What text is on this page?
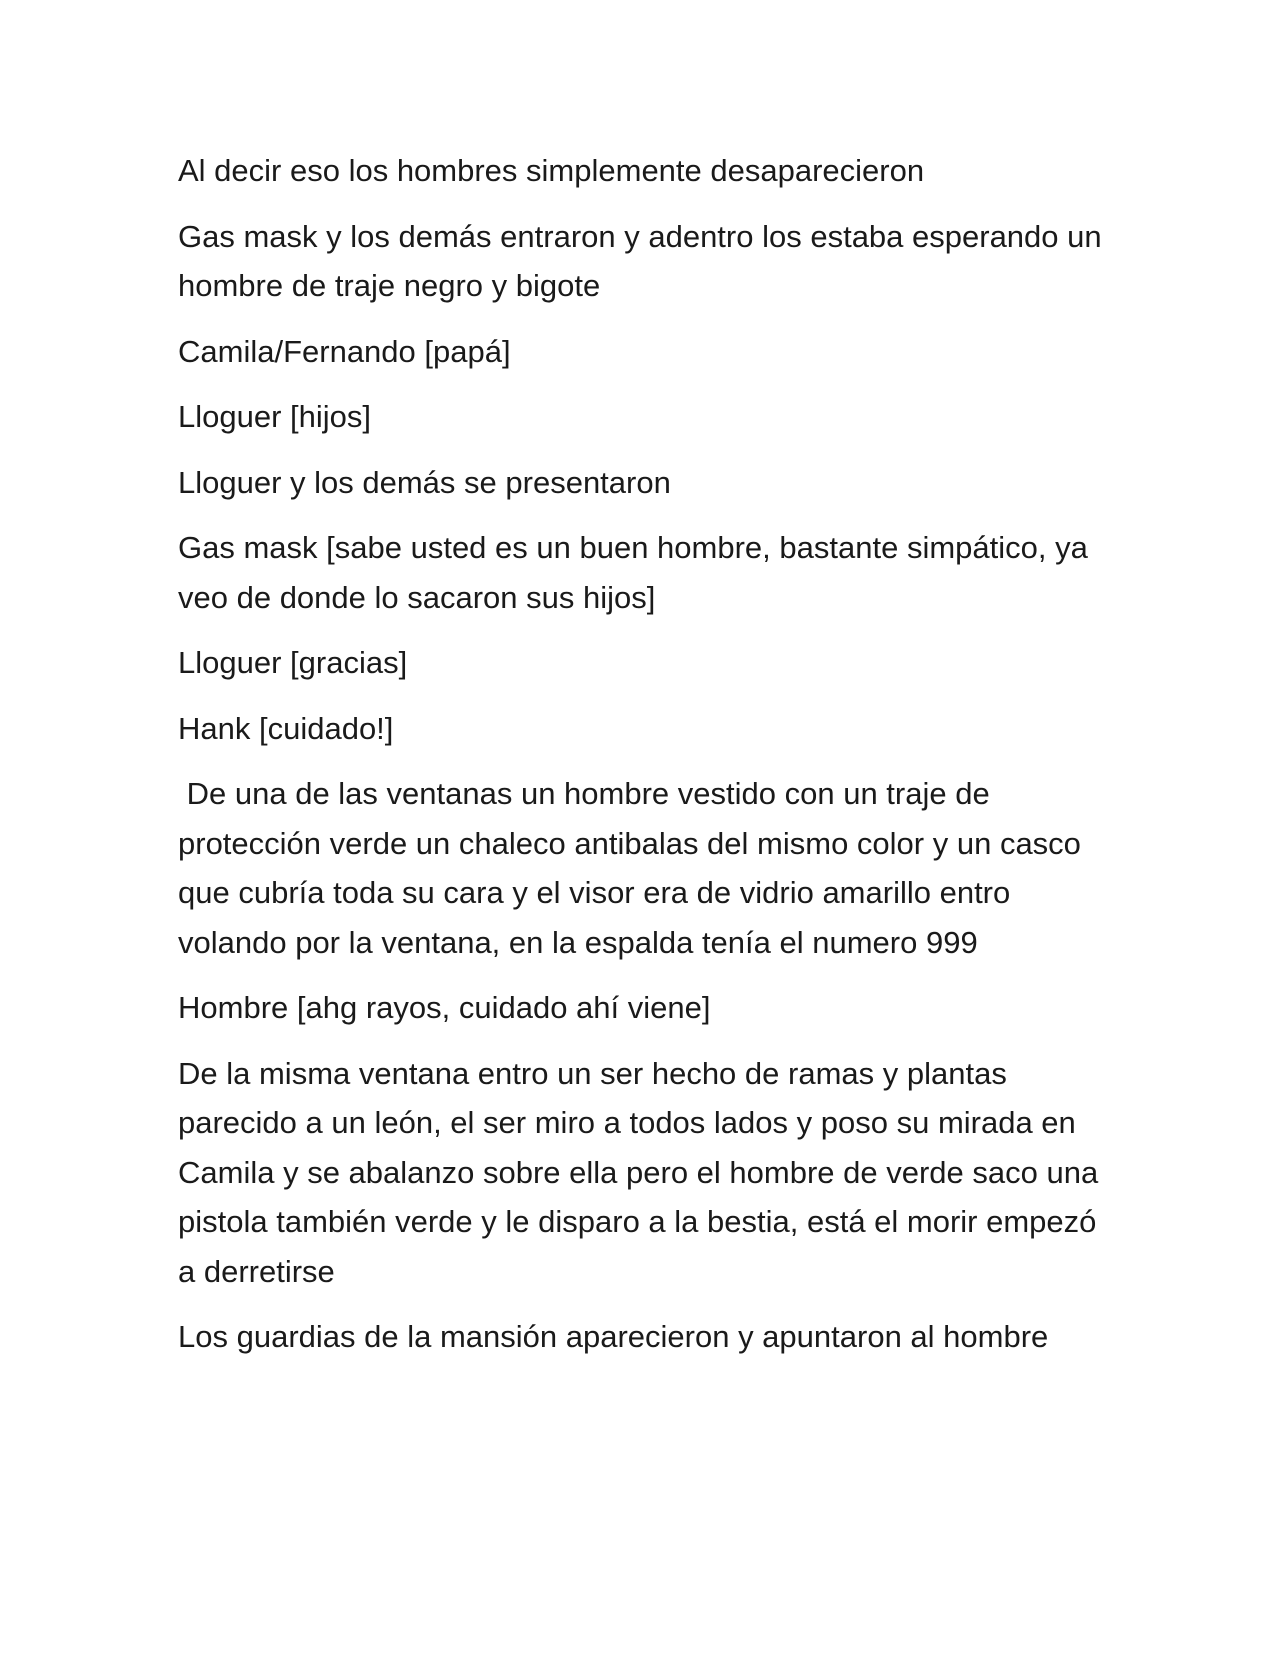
Al decir eso los hombres simplemente desaparecieron

Gas mask y los demás entraron y adentro los estaba esperando un hombre de traje negro y bigote

Camila/Fernando [papá]

Lloguer [hijos]

Lloguer y los demás se presentaron

Gas mask [sabe usted es un buen hombre, bastante simpático, ya veo de donde lo sacaron sus hijos]

Lloguer [gracias]

Hank [cuidado!]

De una de las ventanas un hombre vestido con un traje de protección verde un chaleco antibalas del mismo color y un casco que cubría toda su cara y el visor era de vidrio amarillo entro volando por la ventana, en la espalda tenía el numero 999

Hombre [ahg rayos, cuidado ahí viene]

De la misma ventana entro un ser hecho de ramas y plantas parecido a un león, el ser miro a todos lados y poso su mirada en Camila y se abalanzo sobre ella pero el hombre de verde saco una pistola también verde y le disparo a la bestia, está el morir empezó a derretirse

Los guardias de la mansión aparecieron y apuntaron al hombre
